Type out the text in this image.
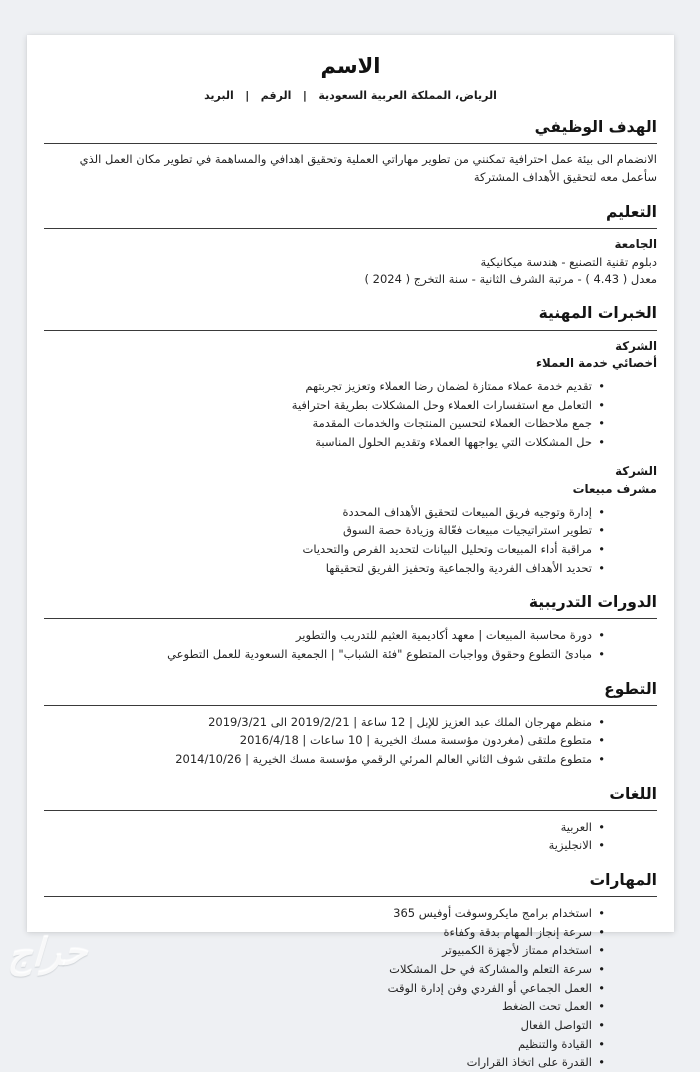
الاسم
الرياض، المملكة العربية السعودية   |   الرقم   |   البريد
الهدف الوظيفي
الانضمام الى بيئة عمل احترافية تمكنني من تطوير مهاراتي العملية وتحقيق اهدافي والمساهمة في تطوير مكان العمل الذي سأعمل معه لتحقيق الأهداف المشتركة
التعليم
الجامعة
دبلوم تقنية التصنيع - هندسة ميكانيكية
معدل ( 4.43 ) - مرتبة الشرف الثانية - سنة التخرج ( 2024 )
الخبرات المهنية
الشركة
أخصائي خدمة العملاء
• تقديم خدمة عملاء ممتازة لضمان رضا العملاء وتعزيز تجربتهم
• التعامل مع استفسارات العملاء وحل المشكلات بطريقة احترافية
• جمع ملاحظات العملاء لتحسين المنتجات والخدمات المقدمة
• حل المشكلات التي يواجهها العملاء وتقديم الحلول المناسبة
الشركة
مشرف مبيعات
• إدارة وتوجيه فريق المبيعات لتحقيق الأهداف المحددة
• تطوير استراتيجيات مبيعات فعّالة وزيادة حصة السوق
• مراقبة أداء المبيعات وتحليل البيانات لتحديد الفرص والتحديات
• تحديد الأهداف الفردية والجماعية وتحفيز الفريق لتحقيقها
الدورات التدريبية
• دورة محاسبة المبيعات | معهد أكاديمية العثيم للتدريب والتطوير
• مبادئ التطوع وحقوق وواجبات المتطوع "فئة الشباب" | الجمعية السعودية للعمل التطوعي
التطوع
• منظم مهرجان الملك عبد العزيز للإبل | 12 ساعة | 2019/2/21 الى 2019/3/21
• متطوع ملتقى (مغردون مؤسسة مسك الخيرية | 10 ساعات | 2016/4/18
• متطوع ملتقى شوف الثاني العالم المرئي الرقمي مؤسسة مسك الخيرية | 2014/10/26
اللغات
• العربية
• الانجليزية
المهارات
• استخدام برامج مايكروسوفت أوفيس 365
• سرعة إنجاز المهام بدقة وكفاءة
• استخدام ممتاز لأجهزة الكمبيوتر
• سرعة التعلم والمشاركة في حل المشكلات
• العمل الجماعي أو الفردي وفن إدارة الوقت
• العمل تحت الضغط
• التواصل الفعال
• القيادة والتنظيم
• القدرة على اتخاذ القرارات
حراج
